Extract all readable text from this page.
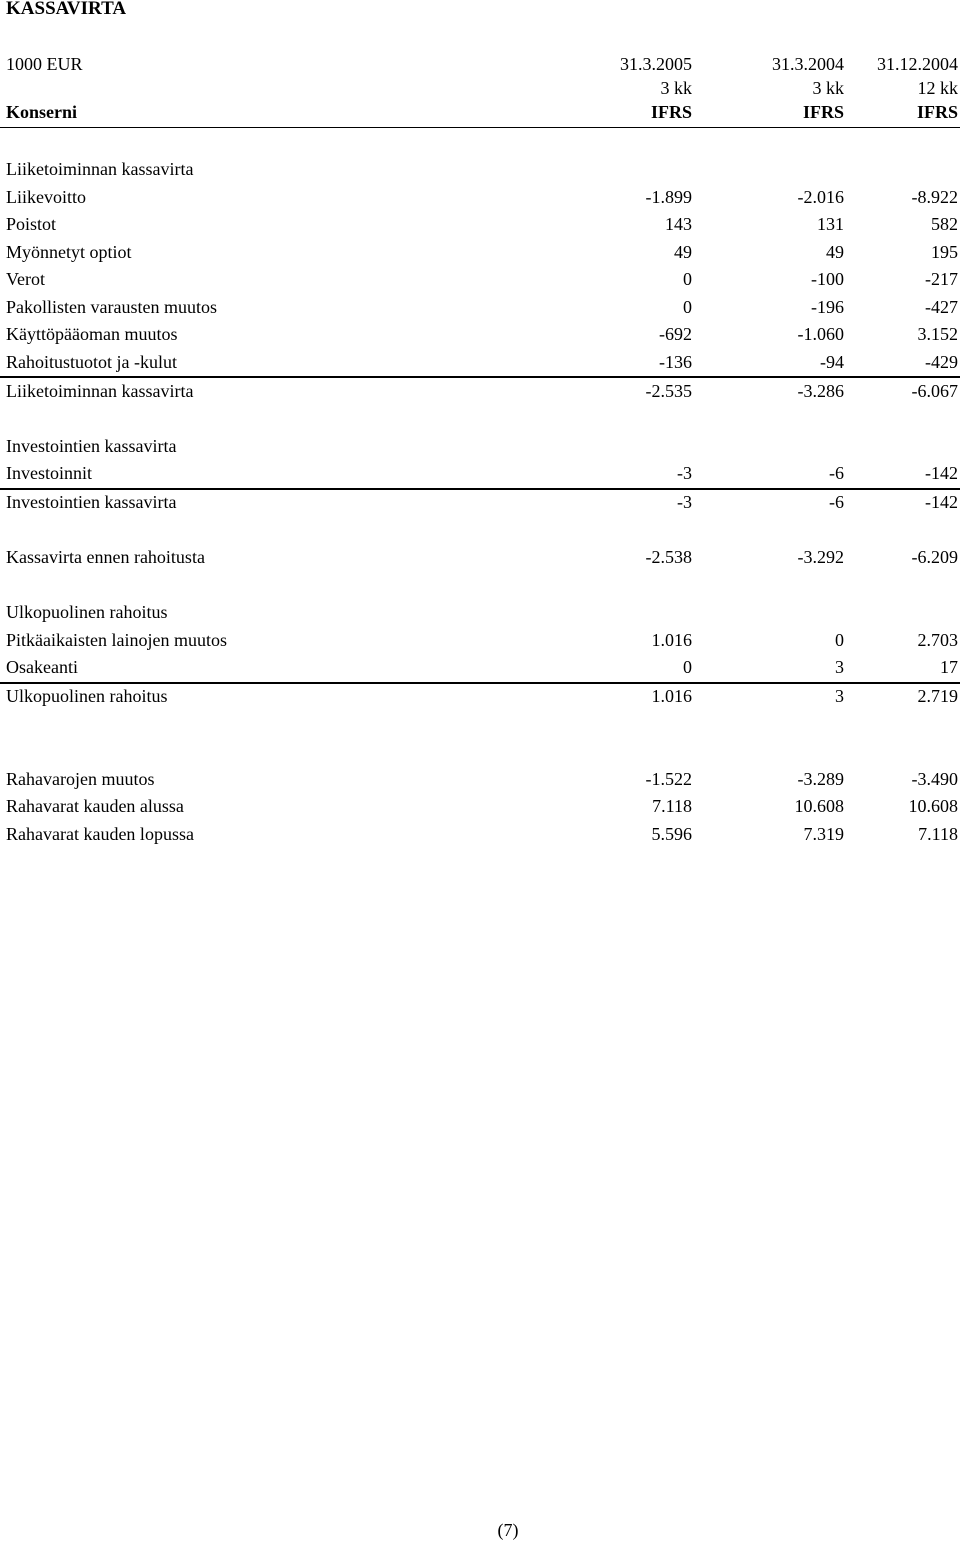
KASSAVIRTA
1000 EUR	31.3.2005	31.3.2004 31.12.2004
3 kk	3 kk	12 kk
Konserni	IFRS	IFRS	IFRS
Liiketoiminnan kassavirta
Liikevoitto	-1.899	-2.016	-8.922
Poistot	143	131	582
Myönnetyt optiot	49	49	195
Verot	0	-100	-217
Pakollisten varausten muutos	0	-196	-427
Käyttöpääoman muutos	-692	-1.060	3.152
Rahoitustuotot ja -kulut	-136	-94	-429
Liiketoiminnan kassavirta	-2.535	-3.286	-6.067
Investointien kassavirta
Investoinnit	-3	-6	-142
Investointien kassavirta	-3	-6	-142
Kassavirta ennen rahoitusta	-2.538	-3.292	-6.209
Ulkopuolinen rahoitus
Pitkäaikaisten lainojen muutos	1.016	0	2.703
Osakeanti	0	3	17
Ulkopuolinen rahoitus	1.016	3	2.719
Rahavarojen muutos	-1.522	-3.289	-3.490
Rahavarat kauden alussa	7.118	10.608	10.608
Rahavarat kauden lopussa	5.596	7.319	7.118
(7)
